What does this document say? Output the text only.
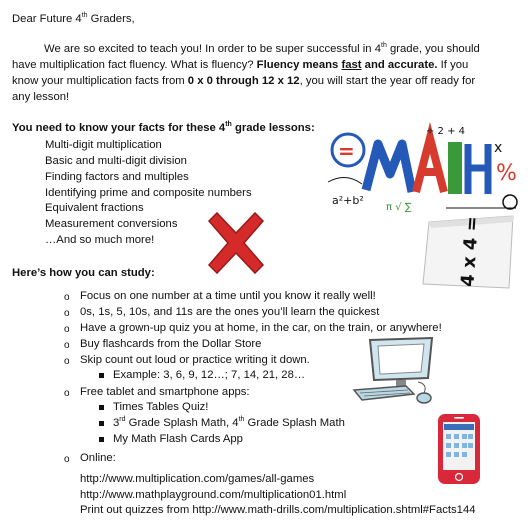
Dear Future 4th Graders,
We are so excited to teach you! In order to be super successful in 4th grade, you should
have multiplication fact fluency. What is fluency? Fluency means fast and accurate. If you
know your multiplication facts from 0 x 0 through 12 x 12, you will start the year off ready for
any lesson!
You need to know your facts for these 4th grade lessons:
Multi-digit multiplication
Basic and multi-digit division
Finding factors and multiples
Identifying prime and composite numbers
Equivalent fractions
Measurement conversions
…And so much more!
Here’s how you can study:
o Focus on one number at a time until you know it really well!
o 0s, 1s, 5, 10s, and 11s are the ones you’ll learn the quickest
o Have a grown-up quiz you at home, in the car, on the train, or anywhere!
o Buy flashcards from the Dollar Store
o Skip count out loud or practice writing it down.
Example: 3, 6, 9, 12…; 7, 14, 21, 28…
o Free tablet and smartphone apps:
Times Tables Quiz!
3rd Grade Splash Math, 4th Grade Splash Math
My Math Flash Cards App
o Online:
http://www.multiplication.com/games/all-games
http://www.mathplayground.com/multiplication01.html
Print out quizzes from http://www.math-drills.com/multiplication.shtml#Facts144
=	x
%
a²+b²
π √ ∑
÷ 2 + 4
4 x 4 =
